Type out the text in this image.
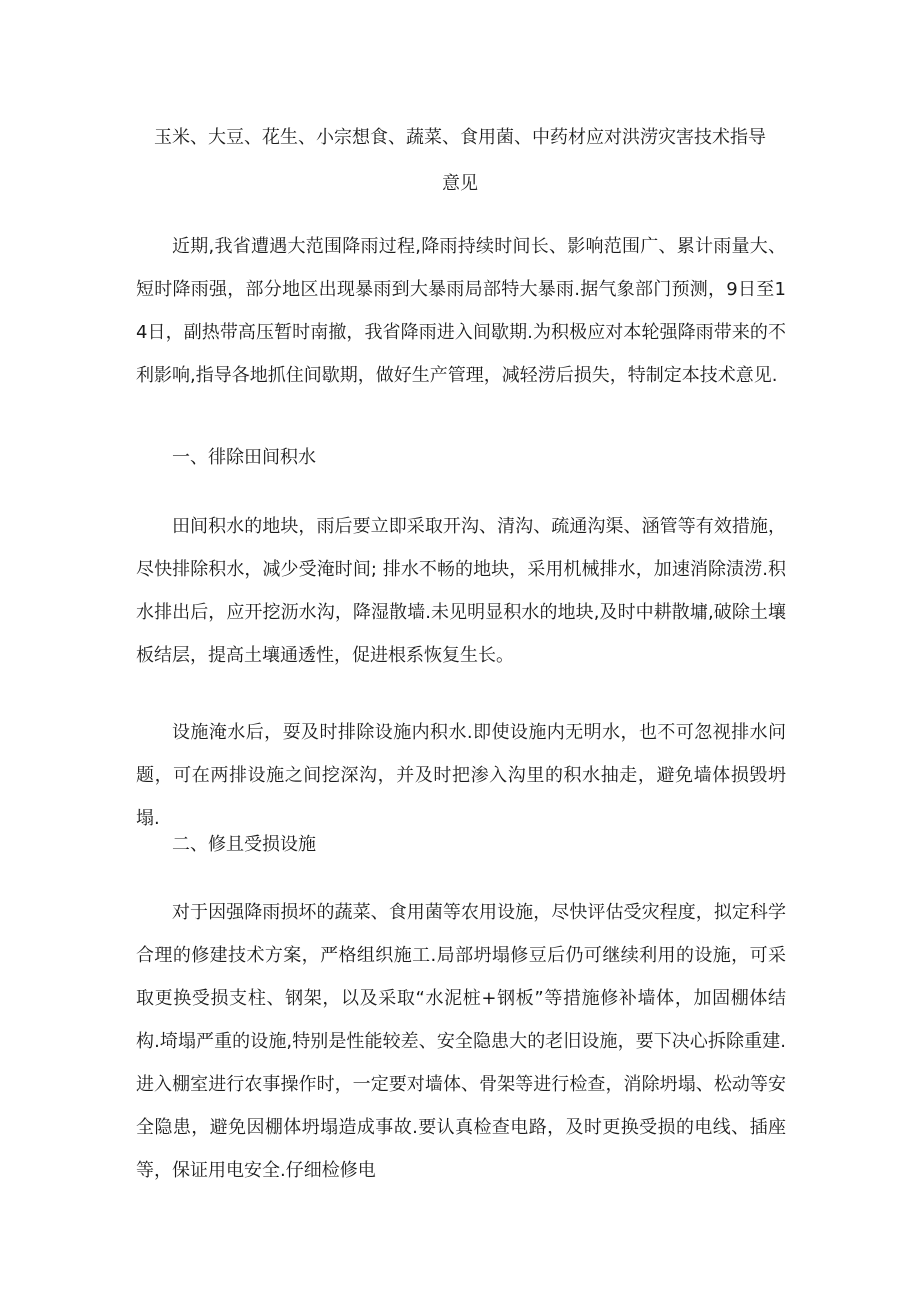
玉米、大豆、花生、小宗想食、蔬菜、食用菌、中药材应对洪涝灾害技术指导
意见

近期,我省遭遇大范围降雨过程,降雨持续时间长、影响范围广、累计雨量大、短时降雨强，部分地区出现暴雨到大暴雨局部特大暴雨.据气象部门预测，9日至14日，副热带高压暂时南撤，我省降雨进入间歇期.为积极应对本轮强降雨带来的不利影响,指导各地抓住间歇期，做好生产管理，减轻涝后损失，特制定本技术意见.

一、徘除田间积水

田间积水的地块，雨后要立即采取开沟、清沟、疏通沟渠、涵管等有效措施，尽快排除积水，减少受淹时间; 排水不畅的地块，采用机械排水，加速消除渍涝.积水排出后，应开挖沥水沟，降湿散墙.未见明显积水的地块,及时中耕散墉,破除土壤板结层，提高土壤通透性，促进根系恢复生长。

设施淹水后，耍及时排除设施内积水.即使设施内无明水，也不可忽视排水问题，可在两排设施之间挖深沟，并及时把渗入沟里的积水抽走，避免墙体损毁坍塌.

二、修且受损设施

对于因强降雨损坏的蔬菜、食用菌等农用设施，尽快评估受灾程度，拟定科学合理的修建技术方案，严格组织施工.局部坍塌修豆后仍可继续利用的设施，可采取更换受损支柱、钢架，以及采取“水泥桩+钢板”等措施修补墙体，加固棚体结构.埼塌严重的设施,特别是性能较差、安全隐患大的老旧设施，要下决心拆除重建.进入棚室进行农事操作时，一定要对墙体、骨架等进行检查，消除坍塌、松动等安全隐患，避免因棚体坍塌造成事故.要认真检查电路，及时更换受损的电线、插座等，保证用电安全.仔细检修电
